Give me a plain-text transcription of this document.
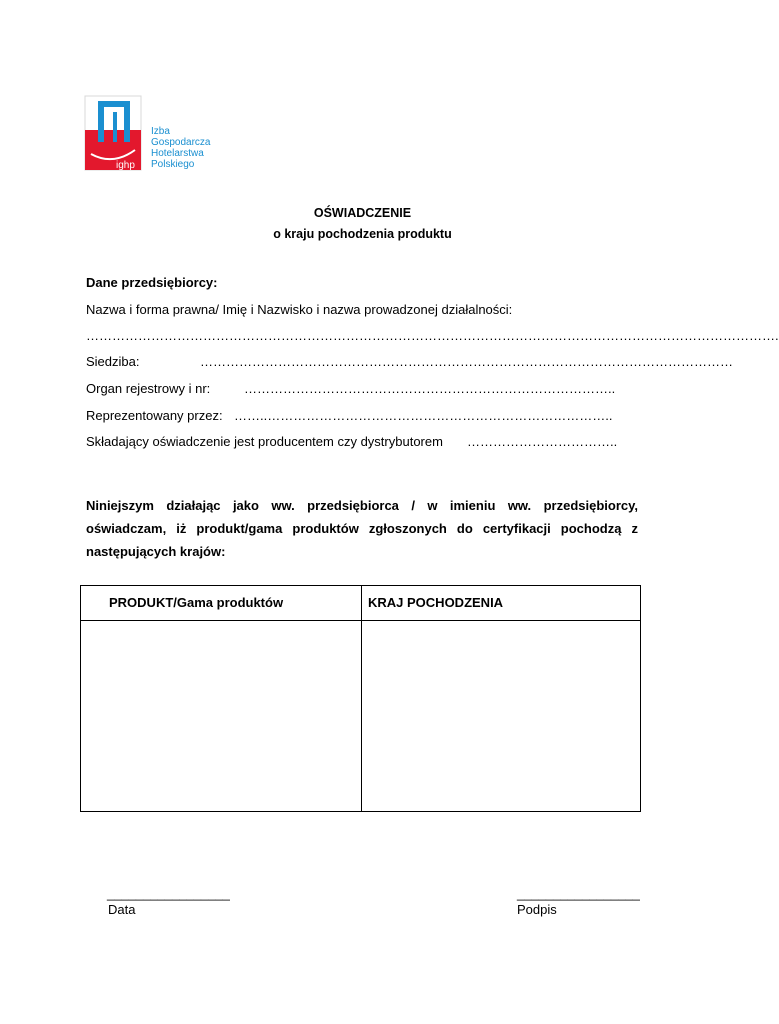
ighp
Izba
Gospodarcza
Hotelarstwa
Polskiego
OŚWIADCZENIE
o kraju pochodzenia produktu
Dane przedsiębiorcy:
Nazwa i forma prawna/ Imię i Nazwisko i nazwa prowadzonej działalności:
…………………………………………………………………………………………………………………………………………….
Siedziba:	……………………………………………………………………………………………………………
Organ rejestrowy i nr:	…………………………………………………………………………..
Reprezentowany przez: ……..……………………………………………………………………..
Składający oświadczenie jest producentem czy dystrybutorem ……………………………..
Niniejszym działając jako ww. przedsiębiorca / w imieniu ww. przedsiębiorcy, oświadczam, iż produkt/gama produktów zgłoszonych do certyfikacji pochodzą z następujących krajów:
PRODUKT/Gama produktów	KRAJ POCHODZENIA
_________________
Data
_________________
Podpis
